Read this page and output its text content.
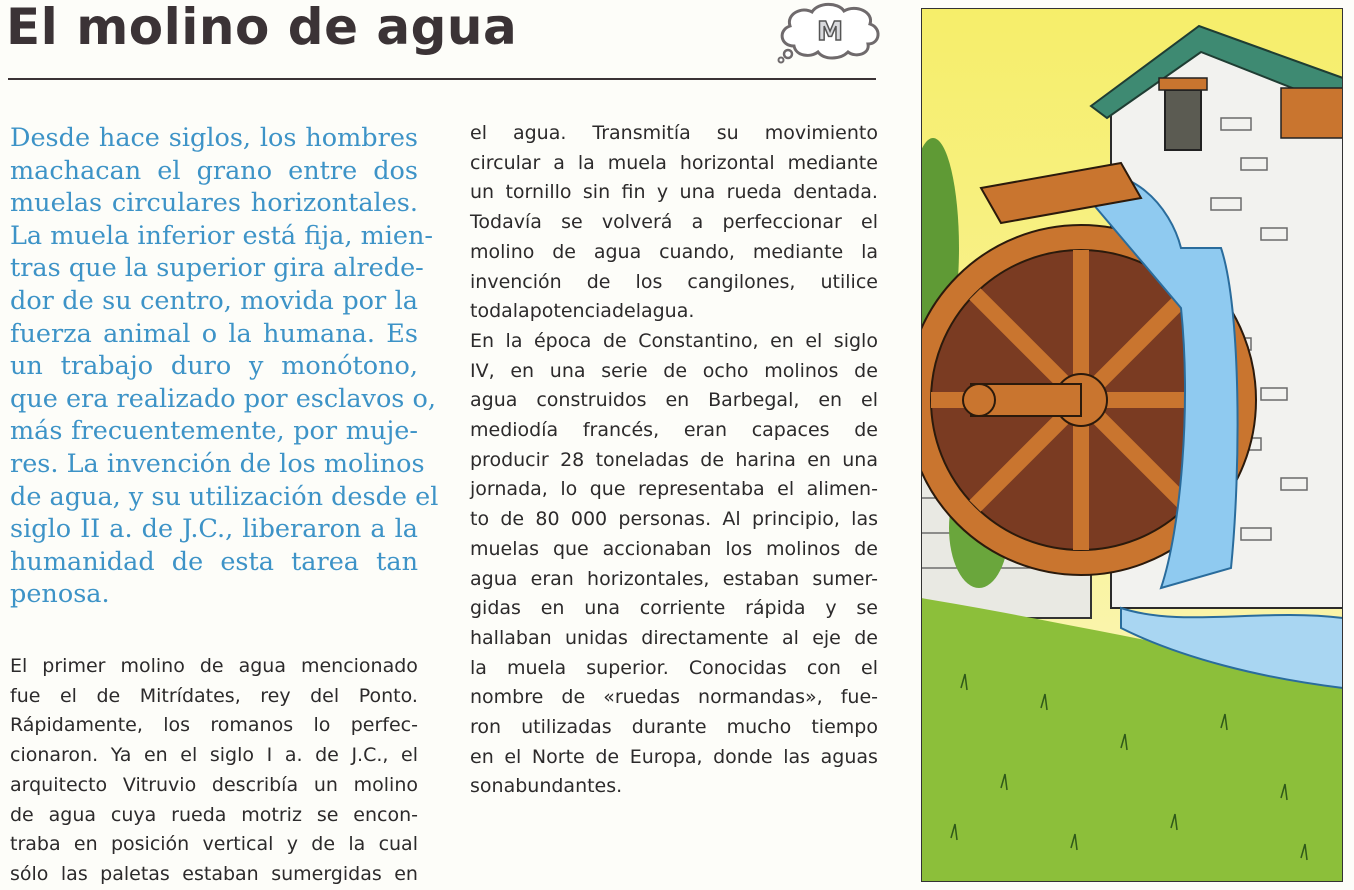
El molino de agua	M
Desde hace siglos, los hombres
machacan el grano entre dos
muelas circulares horizontales.
La muela inferior está fija, mien-
tras que la superior gira alrede-
dor de su centro, movida por la
fuerza animal o la humana. Es
un trabajo duro y monótono,
que era realizado por esclavos o,
más frecuentemente, por muje-
res. La invención de los molinos
de agua, y su utilización desde el
siglo II a. de J.C., liberaron a la
humanidad de esta tarea tan
penosa.
El primer molino de agua mencionado
fue el de Mitrídates, rey del Ponto.
Rápidamente, los romanos lo perfec-
cionaron. Ya en el siglo I a. de J.C., el
arquitecto Vitruvio describía un molino
de agua cuya rueda motriz se encon-
traba en posición vertical y de la cual
sólo las paletas estaban sumergidas en
el agua. Transmitía su movimiento
circular a la muela horizontal mediante
un tornillo sin fin y una rueda dentada.
Todavía se volverá a perfeccionar el
molino de agua cuando, mediante la
invención de los cangilones, utilice
toda la potencia del agua.
En la época de Constantino, en el siglo
IV, en una serie de ocho molinos de
agua construidos en Barbegal, en el
mediodía francés, eran capaces de
producir 28 toneladas de harina en una
jornada, lo que representaba el alimen-
to de 80 000 personas. Al principio, las
muelas que accionaban los molinos de
agua eran horizontales, estaban sumer-
gidas en una corriente rápida y se
hallaban unidas directamente al eje de
la muela superior. Conocidas con el
nombre de «ruedas normandas», fue-
ron utilizadas durante mucho tiempo
en el Norte de Europa, donde las aguas
son abundantes.
